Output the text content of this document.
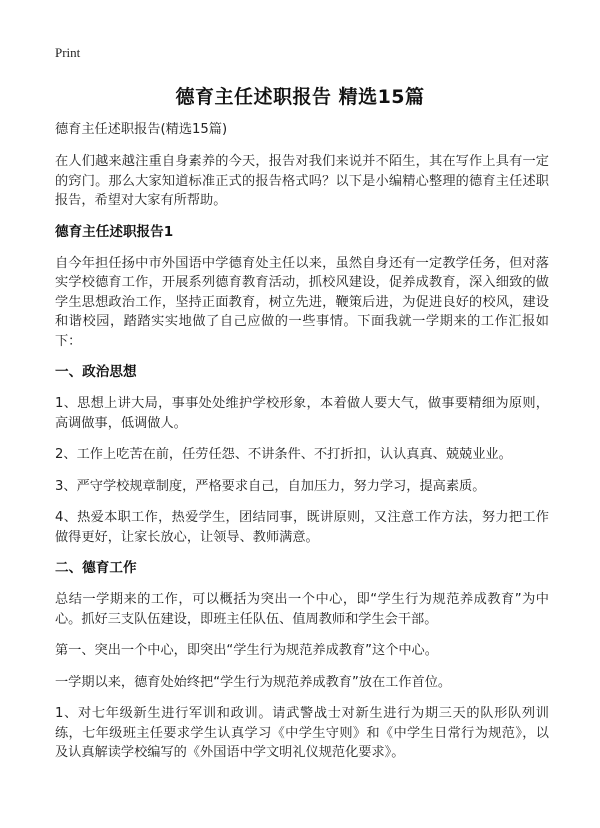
Print
德育主任述职报告 精选15篇
德育主任述职报告(精选15篇)

在人们越来越注重自身素养的今天，报告对我们来说并不陌生，其在写作上具有一定的窍门。那么大家知道标准正式的报告格式吗？以下是小编精心整理的德育主任述职报告，希望对大家有所帮助。

德育主任述职报告1

自今年担任扬中市外国语中学德育处主任以来，虽然自身还有一定教学任务，但对落实学校德育工作，开展系列德育教育活动，抓校风建设，促养成教育，深入细致的做学生思想政治工作，坚持正面教育，树立先进，鞭策后进，为促进良好的校风，建设和谐校园，踏踏实实地做了自己应做的一些事情。下面我就一学期来的工作汇报如下：

一、政治思想

1、思想上讲大局，事事处处维护学校形象，本着做人要大气，做事要精细为原则，高调做事，低调做人。

2、工作上吃苦在前，任劳任怨、不讲条件、不打折扣，认认真真、兢兢业业。

3、严守学校规章制度，严格要求自己，自加压力，努力学习，提高素质。

4、热爱本职工作，热爱学生，团结同事，既讲原则，又注意工作方法，努力把工作做得更好，让家长放心，让领导、教师满意。

二、德育工作

总结一学期来的工作，可以概括为突出一个中心，即“学生行为规范养成教育”为中心。抓好三支队伍建设，即班主任队伍、值周教师和学生会干部。

第一、突出一个中心，即突出“学生行为规范养成教育”这个中心。

一学期以来，德育处始终把“学生行为规范养成教育”放在工作首位。

1、对七年级新生进行军训和政训。请武警战士对新生进行为期三天的队形队列训练，七年级班主任要求学生认真学习《中学生守则》和《中学生日常行为规范》，以及认真解读学校编写的《外国语中学文明礼仪规范化要求》。
